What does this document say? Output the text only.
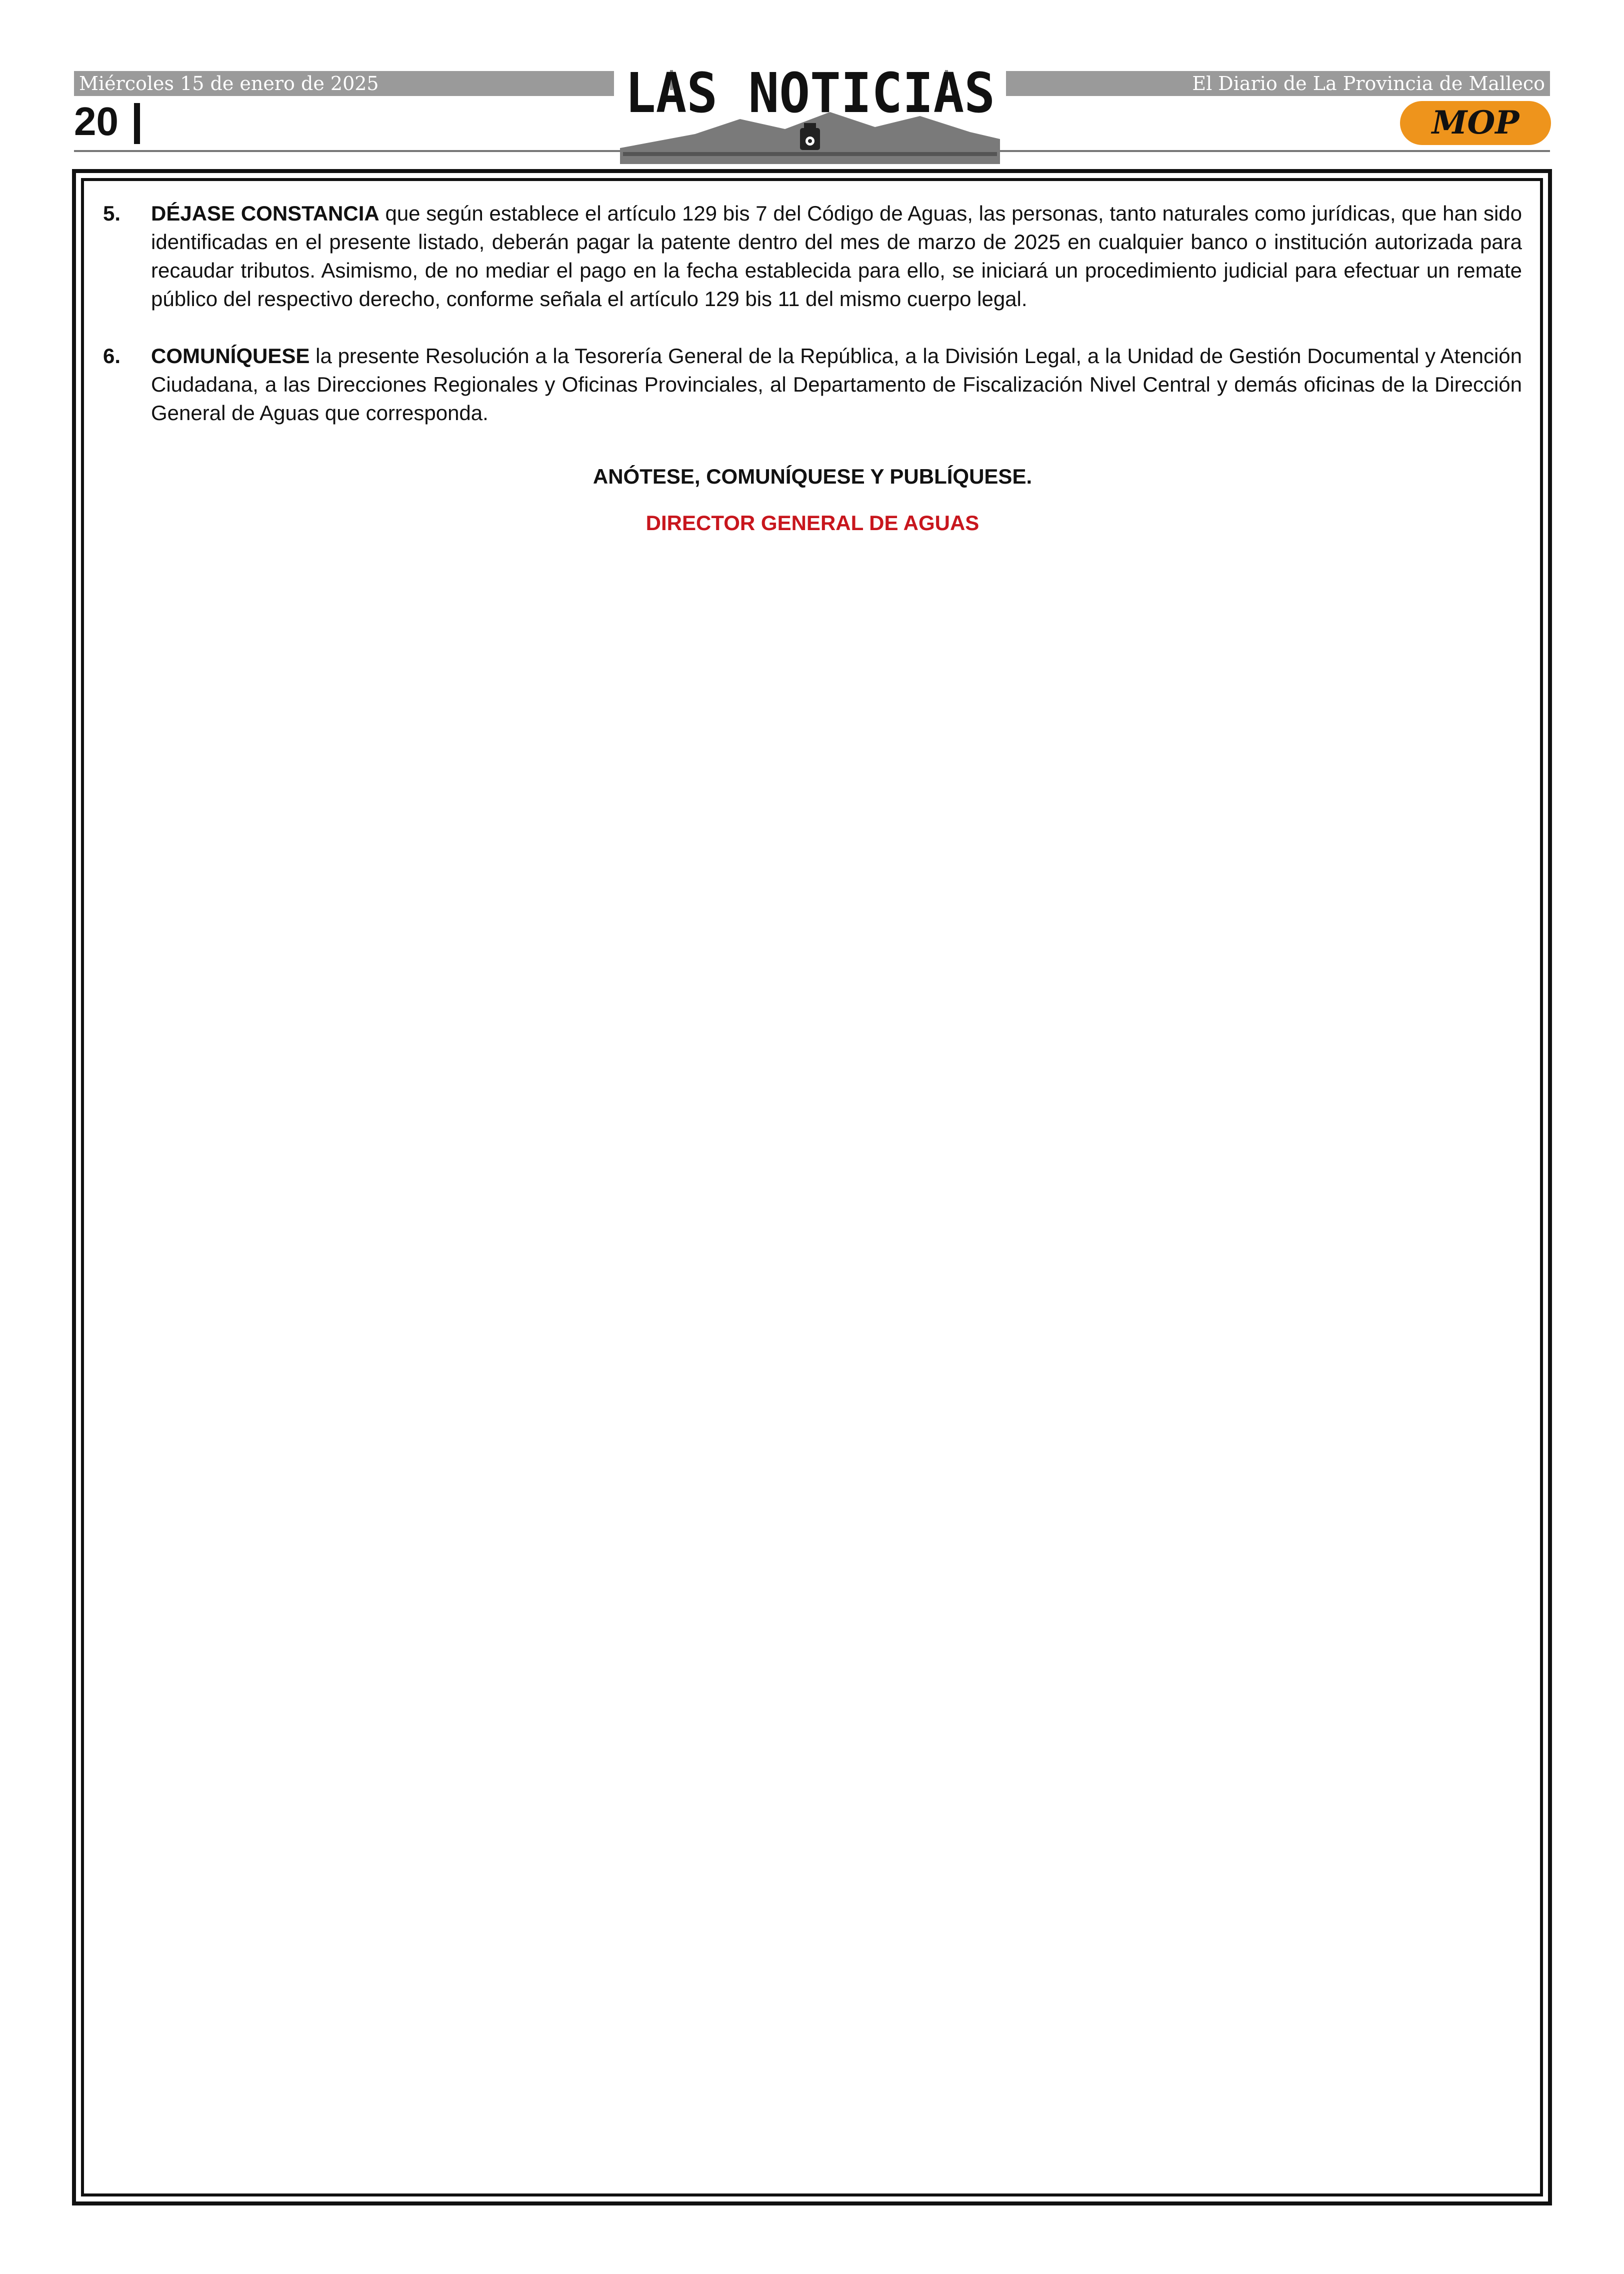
Miércoles 15 de enero de 2025	El Diario de La Provincia de Malleco
20	LAS NOTICIAS	MOP
5. DÉJASE CONSTANCIA que según establece el artículo 129 bis 7 del Código de Aguas, las personas, tanto naturales como jurídicas, que han sido identificadas en el presente listado, deberán pagar la patente dentro del mes de marzo de 2025 en cualquier banco o institución autorizada para recaudar tributos. Asimismo, de no mediar el pago en la fecha establecida para ello, se iniciará un procedimiento judicial para efectuar un remate público del respectivo derecho, conforme señala el artículo 129 bis 11 del mismo cuerpo legal.
6. COMUNÍQUESE la presente Resolución a la Tesorería General de la República, a la División Legal, a la Unidad de Gestión Documental y Atención Ciudadana, a las Direcciones Regionales y Oficinas Provinciales, al Departamento de Fiscalización Nivel Central y demás oficinas de la Dirección General de Aguas que corresponda.
ANÓTESE, COMUNÍQUESE Y PUBLÍQUESE.
DIRECTOR GENERAL DE AGUAS
